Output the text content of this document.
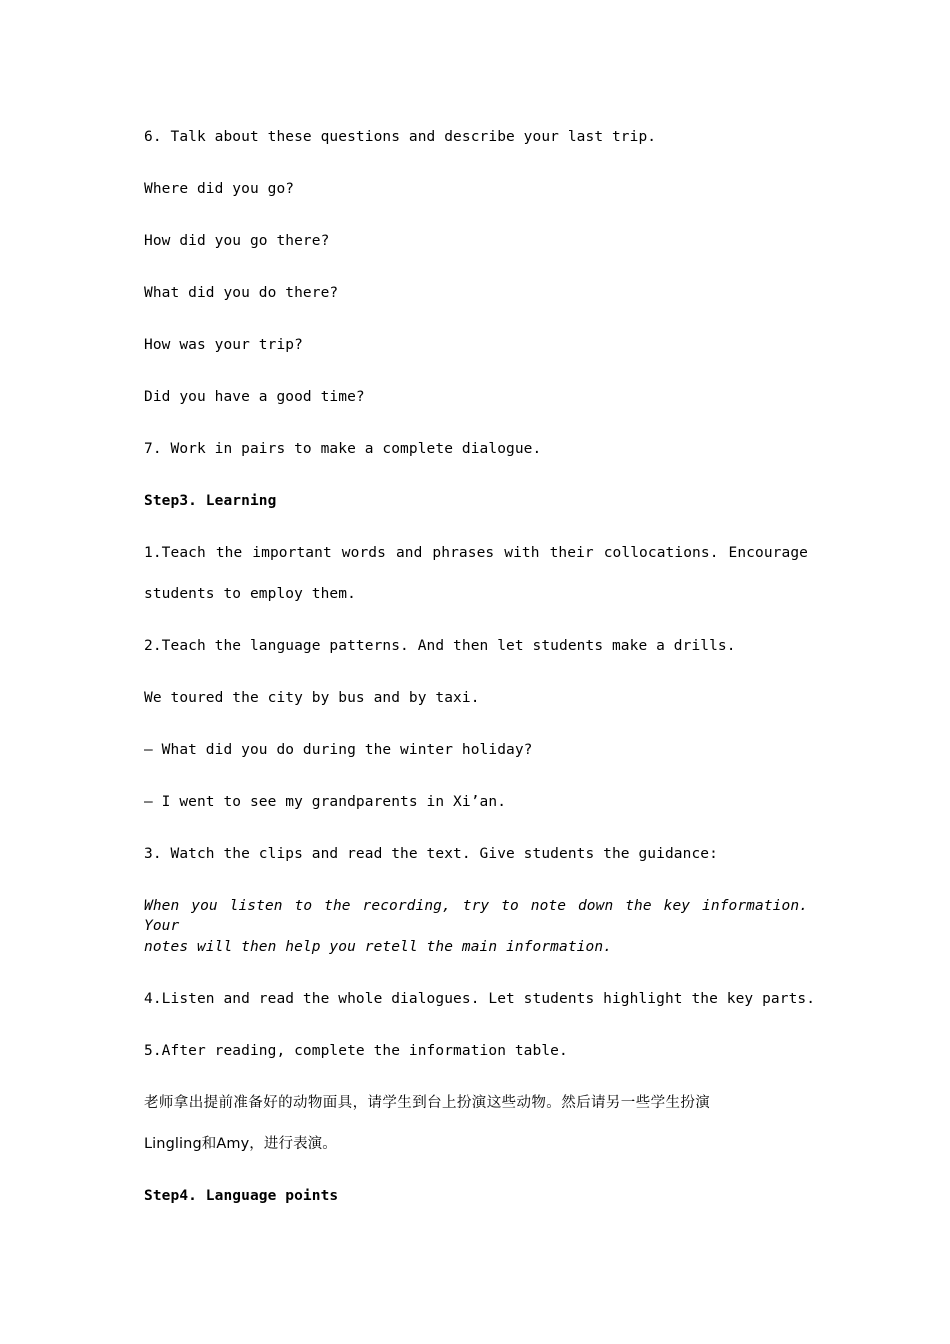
6. Talk about these questions and describe your last trip.
Where did you go?
How did you go there?
What did you do there?
How was your trip?
Did you have a good time?
7. Work in pairs to make a complete dialogue.
Step3. Learning
1.Teach the important words and phrases with their collocations. Encourage
students to employ them.
2.Teach the language patterns. And then let students make a drills.
We toured the city by bus and by taxi.
— What did you do during the winter holiday?
— I went to see my grandparents in Xi’an.
3. Watch the clips and read the text. Give students the guidance:
When you listen to the recording, try to note down the key information. Your
notes will then help you retell the main information.
4.Listen and read the whole dialogues. Let students highlight the key parts.
5.After reading, complete the information table.
老师拿出提前准备好的动物面具，请学生到台上扮演这些动物。然后请另一些学生扮演
Lingling和Amy，进行表演。
Step4. Language points
